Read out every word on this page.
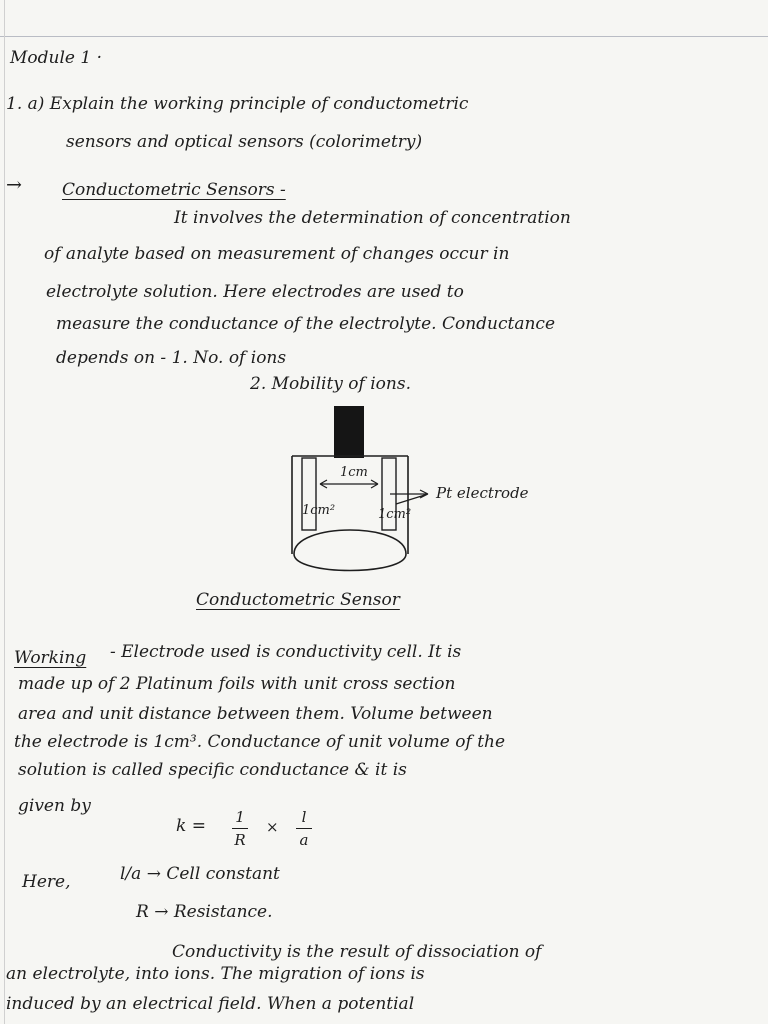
Module 1 ·
1. a) Explain the working principle of conductometric
sensors and optical sensors (colorimetry)
→ Conductometric Sensors -
It involves the determination of concentration
of analyte based on measurement of changes occur in
electrolyte solution. Here electrodes are used to
measure the conductance of the electrolyte. Conductance
depends on - 1. No. of ions
2. Mobility of ions.
1cm
1cm²	1cm²
Pt electrode
Conductometric Sensor
Working - Electrode used is conductivity cell. It is
made up of 2 Platinum foils with unit cross section
area and unit distance between them. Volume between
the electrode is 1cm³. Conductance of unit volume of the
solution is called specific conductance & it is
given by
k = 1
R
×
l
a
Here,	l/a → Cell constant
R → Resistance.
Conductivity is the result of dissociation of
an electrolyte, into ions. The migration of ions is
induced by an electrical field. When a potential
